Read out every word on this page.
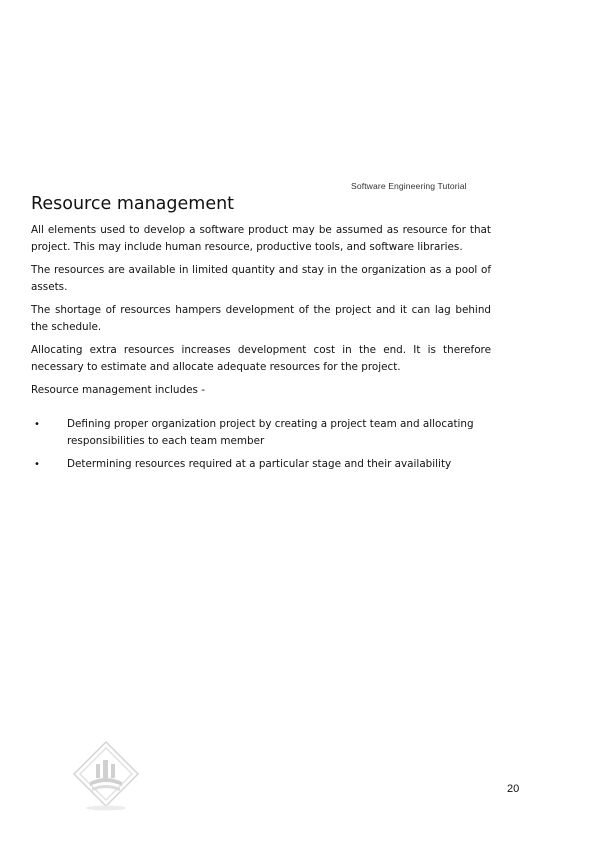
Software Engineering Tutorial
Resource management

All elements used to develop a software product may be assumed as resource for that project. This may include human resource, productive tools, and software libraries.

The resources are available in limited quantity and stay in the organization as a pool of assets.

The shortage of resources hampers development of the project and it can lag behind the schedule.

Allocating extra resources increases development cost in the end. It is therefore necessary to estimate and allocate adequate resources for the project.

Resource management includes -

•	Defining proper organization project by creating a project team and allocating responsibilities to each team member
•	Determining resources required at a particular stage and their availability
20
